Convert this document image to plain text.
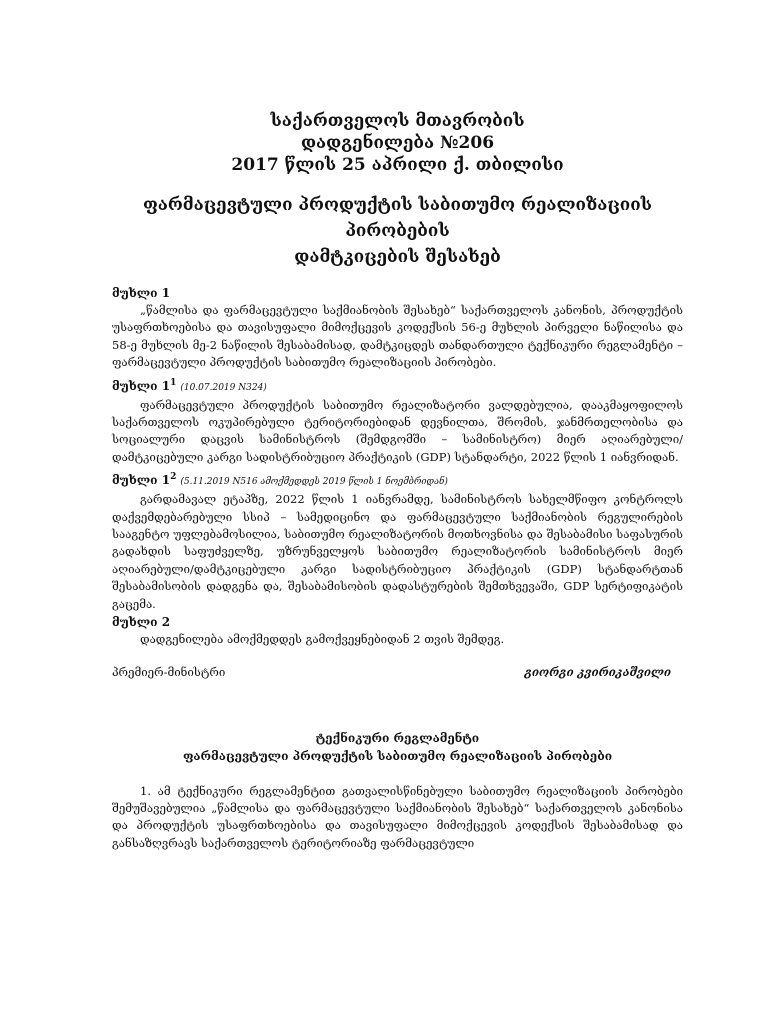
საქართველოს მთავრობის
დადგენილება №206
2017 წლის 25 აპრილი ქ. თბილისი
ფარმაცევტული პროდუქტის საბითუმო რეალიზაციის პირობების
დამტკიცების შესახებ
მუხლი 1

„წამლისა და ფარმაცევტული საქმიანობის შესახებ“ საქართველოს კანონის, პროდუქტის უსაფრთხოებისა და თავისუფალი მიმოქცევის კოდექსის 56-ე მუხლის პირველი ნაწილისა და 58-ე მუხლის მე-2 ნაწილის შესაბამისად, დამტკიცდეს თანდართული ტექნიკური რეგლამენტი – ფარმაცევტული პროდუქტის საბითუმო რეალიზაციის პირობები.

მუხლი $1^1$ (10.07.2019 N324)

ფარმაცევტული პროდუქტის საბითუმო რეალიზატორი ვალდებულია, დააკმაყოფილოს საქართველოს ოკუპირებული ტერიტორიებიდან დევნილთა, შრომის, ჯანმრთელობისა და სოციალური დაცვის სამინისტროს (შემდგომში – სამინისტრო) მიერ აღიარებული/დამტკიცებული კარგი სადისტრიბუციო პრაქტიკის (GDP) სტანდარტი, 2022 წლის 1 იანვრიდან.

მუხლი $1^2$ (5.11.2019 N516 ამოქმედდეს 2019 წლის 1 ნოემბრიდან)

გარდამავალ ეტაპზე, 2022 წლის 1 იანვრამდე, სამინისტროს სახელმწიფო კონტროლს დაქვემდებარებული სსიპ – სამედიცინო და ფარმაცევტული საქმიანობის რეგულირების სააგენტო უფლებამოსილია, საბითუმო რეალიზატორის მოთხოვნისა და შესაბამისი საფასურის გადახდის საფუძველზე, უზრუნველყოს საბითუმო რეალიზატორის სამინისტროს მიერ აღიარებული/დამტკიცებული კარგი სადისტრიბუციო პრაქტიკის (GDP) სტანდარტთან შესაბამისობის დადგენა და, შესაბამისობის დადასტურების შემთხვევაში, GDP სერტიფიკატის გაცემა.

მუხლი 2

დადგენილება ამოქმედდეს გამოქვეყნებიდან 2 თვის შემდეგ.

პრემიერ-მინისტრი	გიორგი კვირიკაშვილი
ტექნიკური რეგლამენტი
ფარმაცევტული პროდუქტის საბითუმო რეალიზაციის პირობები

1. ამ ტექნიკური რეგლამენტით გათვალისწინებული საბითუმო რეალიზაციის პირობები შემუშავებულია „წამლისა და ფარმაცევტული საქმიანობის შესახებ“ საქართველოს კანონისა და პროდუქტის უსაფრთხოებისა და თავისუფალი მიმოქცევის კოდექსის შესაბამისად და განსაზღვრავს საქართველოს ტერიტორიაზე ფარმაცევტული
